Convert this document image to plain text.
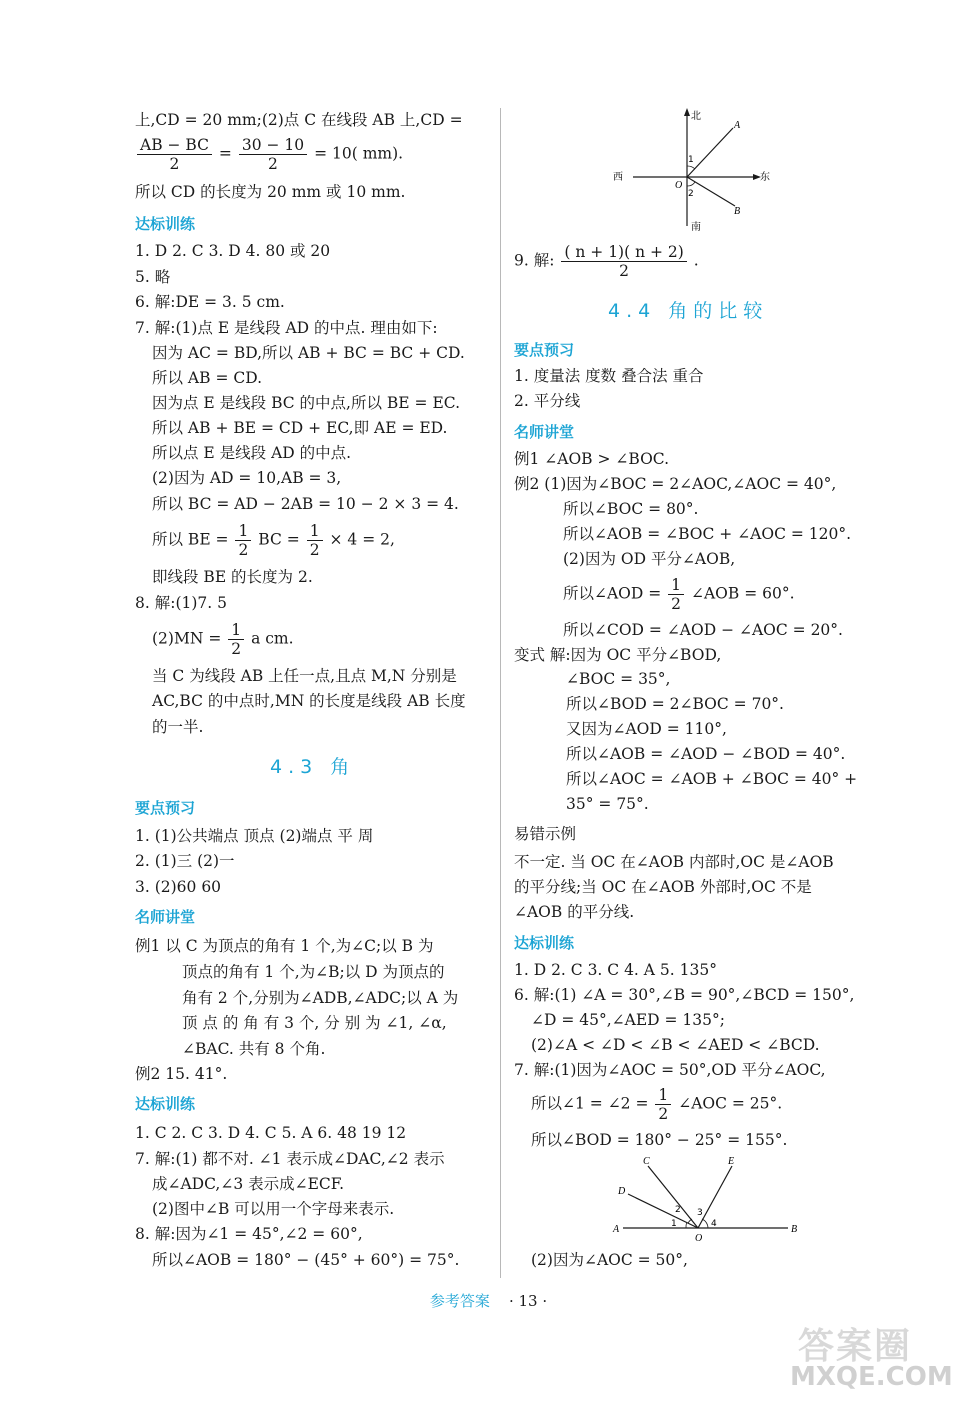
上,CD = 20 mm;(2)点 C 在线段 AB 上,CD =
$\frac{AB - BC}{2} = \frac{30 - 10}{2} = 10$( mm).
所以 CD 的长度为 20 mm 或 10 mm.
达标训练
1. D 2. C 3. D 4. 80 或 20
5. 略
6. 解:DE = 3. 5 cm.
7. 解:(1)点 E 是线段 AD 的中点. 理由如下:
因为 AC = BD,所以 AB + BC = BC + CD.
所以 AB = CD.
因为点 E 是线段 BC 的中点,所以 BE = EC.
所以 AB + BE = CD + EC,即 AE = ED.
所以点 E 是线段 AD 的中点.
(2)因为 AD = 10,AB = 3,
所以 BC = AD − 2AB = 10 − 2 × 3 = 4.
所以 BE = $\frac{1}{2}$ BC = $\frac{1}{2} \times 4 = 2$,
即线段 BE 的长度为 2.
8. 解:(1)7. 5
$(2)MN = \frac{1}{2}$ a cm.
当 C 为线段 AB 上任一点,且点 M,N 分别是
AC,BC 的中点时,MN 的长度是线段 AB 长度
的一半.
4.3 角
要点预习
1. (1)公共端点 顶点 (2)端点 平 周
2. (1)三 (2)一
3. (2)60 60
名师讲堂
例1 以 C 为顶点的角有 1 个,为∠C;以 B 为
顶点的角有 1 个,为∠B;以 D 为顶点的
角有 2 个,分别为∠ADB,∠ADC;以 A 为
顶 点 的 角 有 3 个, 分 别 为 ∠1, ∠α,
∠BAC. 共有 8 个角.
例2 15. 41°.
达标训练
1. C 2. C 3. D 4. C 5. A 6. 48 19 12
7. 解:(1) 都不对. ∠1 表示成∠DAC,∠2 表示
成∠ADC,∠3 表示成∠ECF.
(2)图中∠B 可以用一个字母来表示.
8. 解:因为∠1 = 45°,∠2 = 60°,
所以∠AOB = 180° − (45° + 60°) = 75°.
北
南
东
西
O
A
B
1
2
9. 解: $\frac{( n + 1)( n + 2)}{2}$ .
4.4 角的比较
要点预习
1. 度量法 度数 叠合法 重合
2. 平分线
名师讲堂
例1 ∠AOB > ∠BOC.
例2 (1)因为∠BOC = 2∠AOC,∠AOC = 40°,
所以∠BOC = 80°.
所以∠AOB = ∠BOC + ∠AOC = 120°.
(2)因为 OD 平分∠AOB,
所以∠AOD = $\frac{1}{2}$ ∠AOB = 60°.
所以∠COD = ∠AOD − ∠AOC = 20°.
变式 解:因为 OC 平分∠BOD,
∠BOC = 35°,
所以∠BOD = 2∠BOC = 70°.
又因为∠AOD = 110°,
所以∠AOB = ∠AOD − ∠BOD = 40°.
所以∠AOC = ∠AOB + ∠BOC = 40° +
35° = 75°.
易错示例
不一定. 当 OC 在∠AOB 内部时,OC 是∠AOB
的平分线;当 OC 在∠AOB 外部时,OC 不是
∠AOB 的平分线.
达标训练
1. D 2. C 3. C 4. A 5. 135°
6. 解:(1) ∠A = 30°,∠B = 90°,∠BCD = 150°,
∠D = 45°,∠AED = 135°;
(2)∠A < ∠D < ∠B < ∠AED < ∠BCD.
7. 解:(1)因为∠AOC = 50°,OD 平分∠AOC,
所以∠1 = ∠2 = $\frac{1}{2}$ ∠AOC = 25°.
所以∠BOD = 180° − 25° = 155°.
A	B
C
D
E
O
1
2 3
4
(2)因为∠AOC = 50°,
参考答案 · 13 ·
答案圈
MXQE.COM
